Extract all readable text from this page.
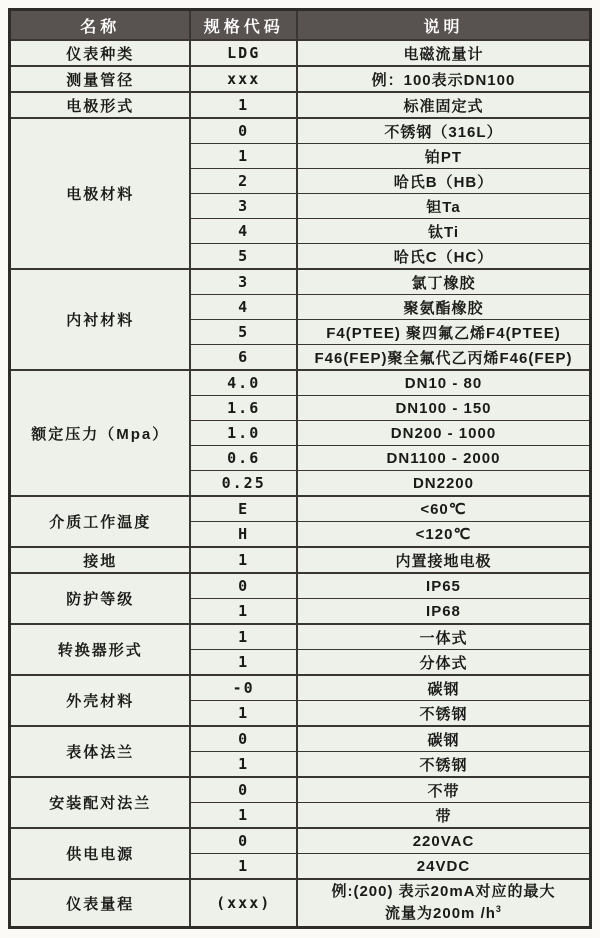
名称	规格代码	说明
仪表种类	LDG	电磁流量计
测量管径	xxx	例：100表示DN100
电极形式	1	标准固定式
电极材料	0	不锈钢（316L）
	1	铂PT
	2	哈氏B（HB）
	3	钽Ta
	4	钛Ti
	5	哈氏C（HC）
内衬材料	3	氯丁橡胶
	4	聚氨酯橡胶
	5	F4(PTEE) 聚四氟乙烯F4(PTEE)
	6	F46(FEP)聚全氟代乙丙烯F46(FEP)
额定压力（Mpa）	4.0	DN10 - 80
	1.6	DN100 - 150
	1.0	DN200 - 1000
	0.6	DN1100 - 2000
	0.25	DN2200
介质工作温度	E	<60℃
	H	<120℃
接地	1	内置接地电极
防护等级	0	IP65
	1	IP68
转换器形式	1	一体式
	1	分体式
外壳材料	-0	碳钢
	1	不锈钢
表体法兰	0	碳钢
	1	不锈钢
安装配对法兰	0	不带
	1	带
供电电源	0	220VAC
	1	24VDC
仪表量程	(xxx)	例:(200) 表示20mA对应的最大
流量为200m $/h^3$
